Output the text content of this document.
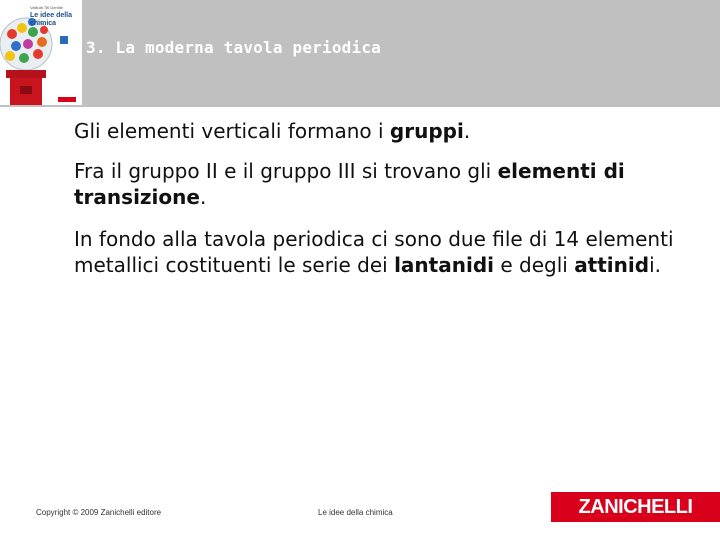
Valitutti Tifi Gentile
Le idee della
chimica
3. La moderna tavola periodica

Gli elementi verticali formano i gruppi.

Fra il gruppo II e il gruppo III si trovano gli elementi di transizione.

In fondo alla tavola periodica ci sono due file di 14 elementi metallici costituenti le serie dei lantanidi e degli attinidi.

Copyright © 2009 Zanichelli editore	Le idee della chimica	ZANICHELLI
